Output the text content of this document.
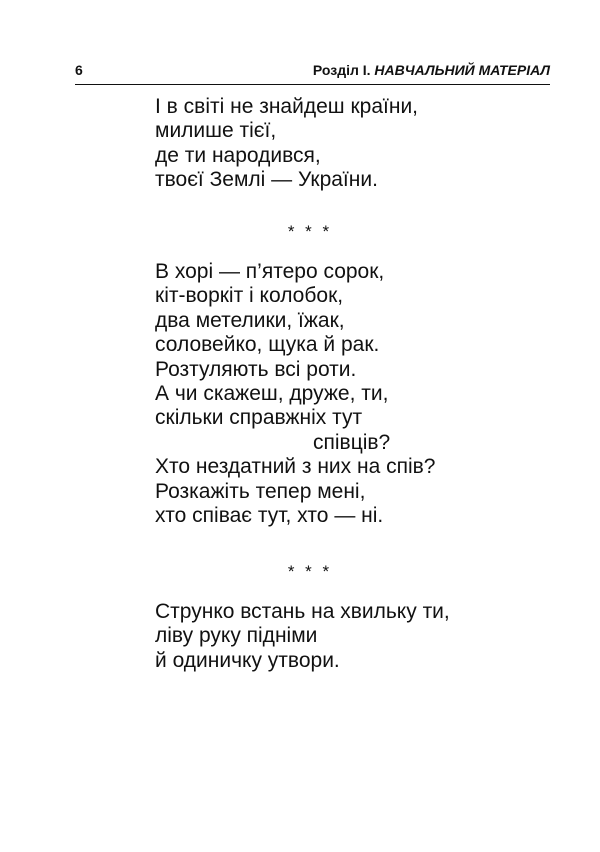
6	Розділ І. НАВЧАЛЬНИЙ МАТЕРІАЛ
І в світі не знайдеш країни,
милише тієї,
де ти народився,
твоєї Землі — України.
* * *
В хорі — п’ятеро сорок,
кіт-воркіт і колобок,
два метелики, їжак,
соловейко, щука й рак.
Розтуляють всі роти.
А чи скажеш, друже, ти,
скільки справжніх тут
співців?
Хто нездатний з них на спів?
Розкажіть тепер мені,
хто співає тут, хто — ні.
* * *
Струнко встань на хвильку ти,
ліву руку підніми
й одиничку утвори.
